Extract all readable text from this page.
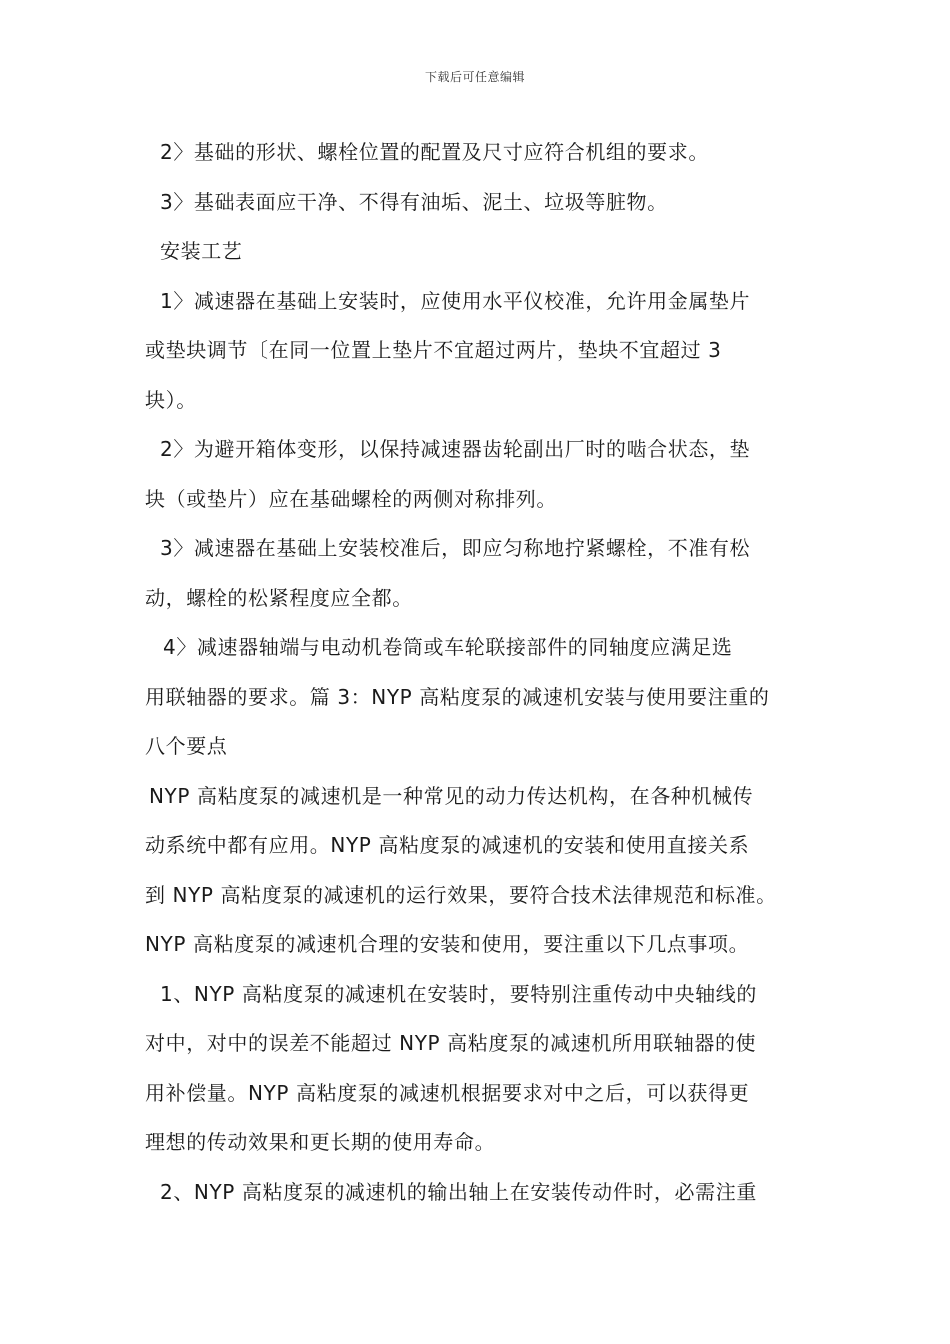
下载后可任意编辑
2〉基础的形状、螺栓位置的配置及尺寸应符合机组的要求。
3〉基础表面应干净、不得有油垢、泥土、垃圾等脏物。
安装工艺
1〉减速器在基础上安装时，应使用水平仪校准，允许用金属垫片
或垫块调节〔在同一位置上垫片不宜超过两片，垫块不宜超过 3
块）。
2〉为避开箱体变形，以保持减速器齿轮副出厂时的啮合状态，垫
块（或垫片）应在基础螺栓的两侧对称排列。
3〉减速器在基础上安装校准后，即应匀称地拧紧螺栓，不准有松
动，螺栓的松紧程度应全都。
4〉减速器轴端与电动机卷筒或车轮联接部件的同轴度应满足选
用联轴器的要求。篇 3：NYP 高粘度泵的减速机安装与使用要注重的
八个要点
NYP 高粘度泵的减速机是一种常见的动力传达机构，在各种机械传
动系统中都有应用。NYP 高粘度泵的减速机的安装和使用直接关系
到 NYP 高粘度泵的减速机的运行效果，要符合技术法律规范和标准。
NYP 高粘度泵的减速机合理的安装和使用，要注重以下几点事项。
1、NYP 高粘度泵的减速机在安装时，要特别注重传动中央轴线的
对中，对中的误差不能超过 NYP 高粘度泵的减速机所用联轴器的使
用补偿量。NYP 高粘度泵的减速机根据要求对中之后，可以获得更
理想的传动效果和更长期的使用寿命。
2、NYP 高粘度泵的减速机的输出轴上在安装传动件时，必需注重
